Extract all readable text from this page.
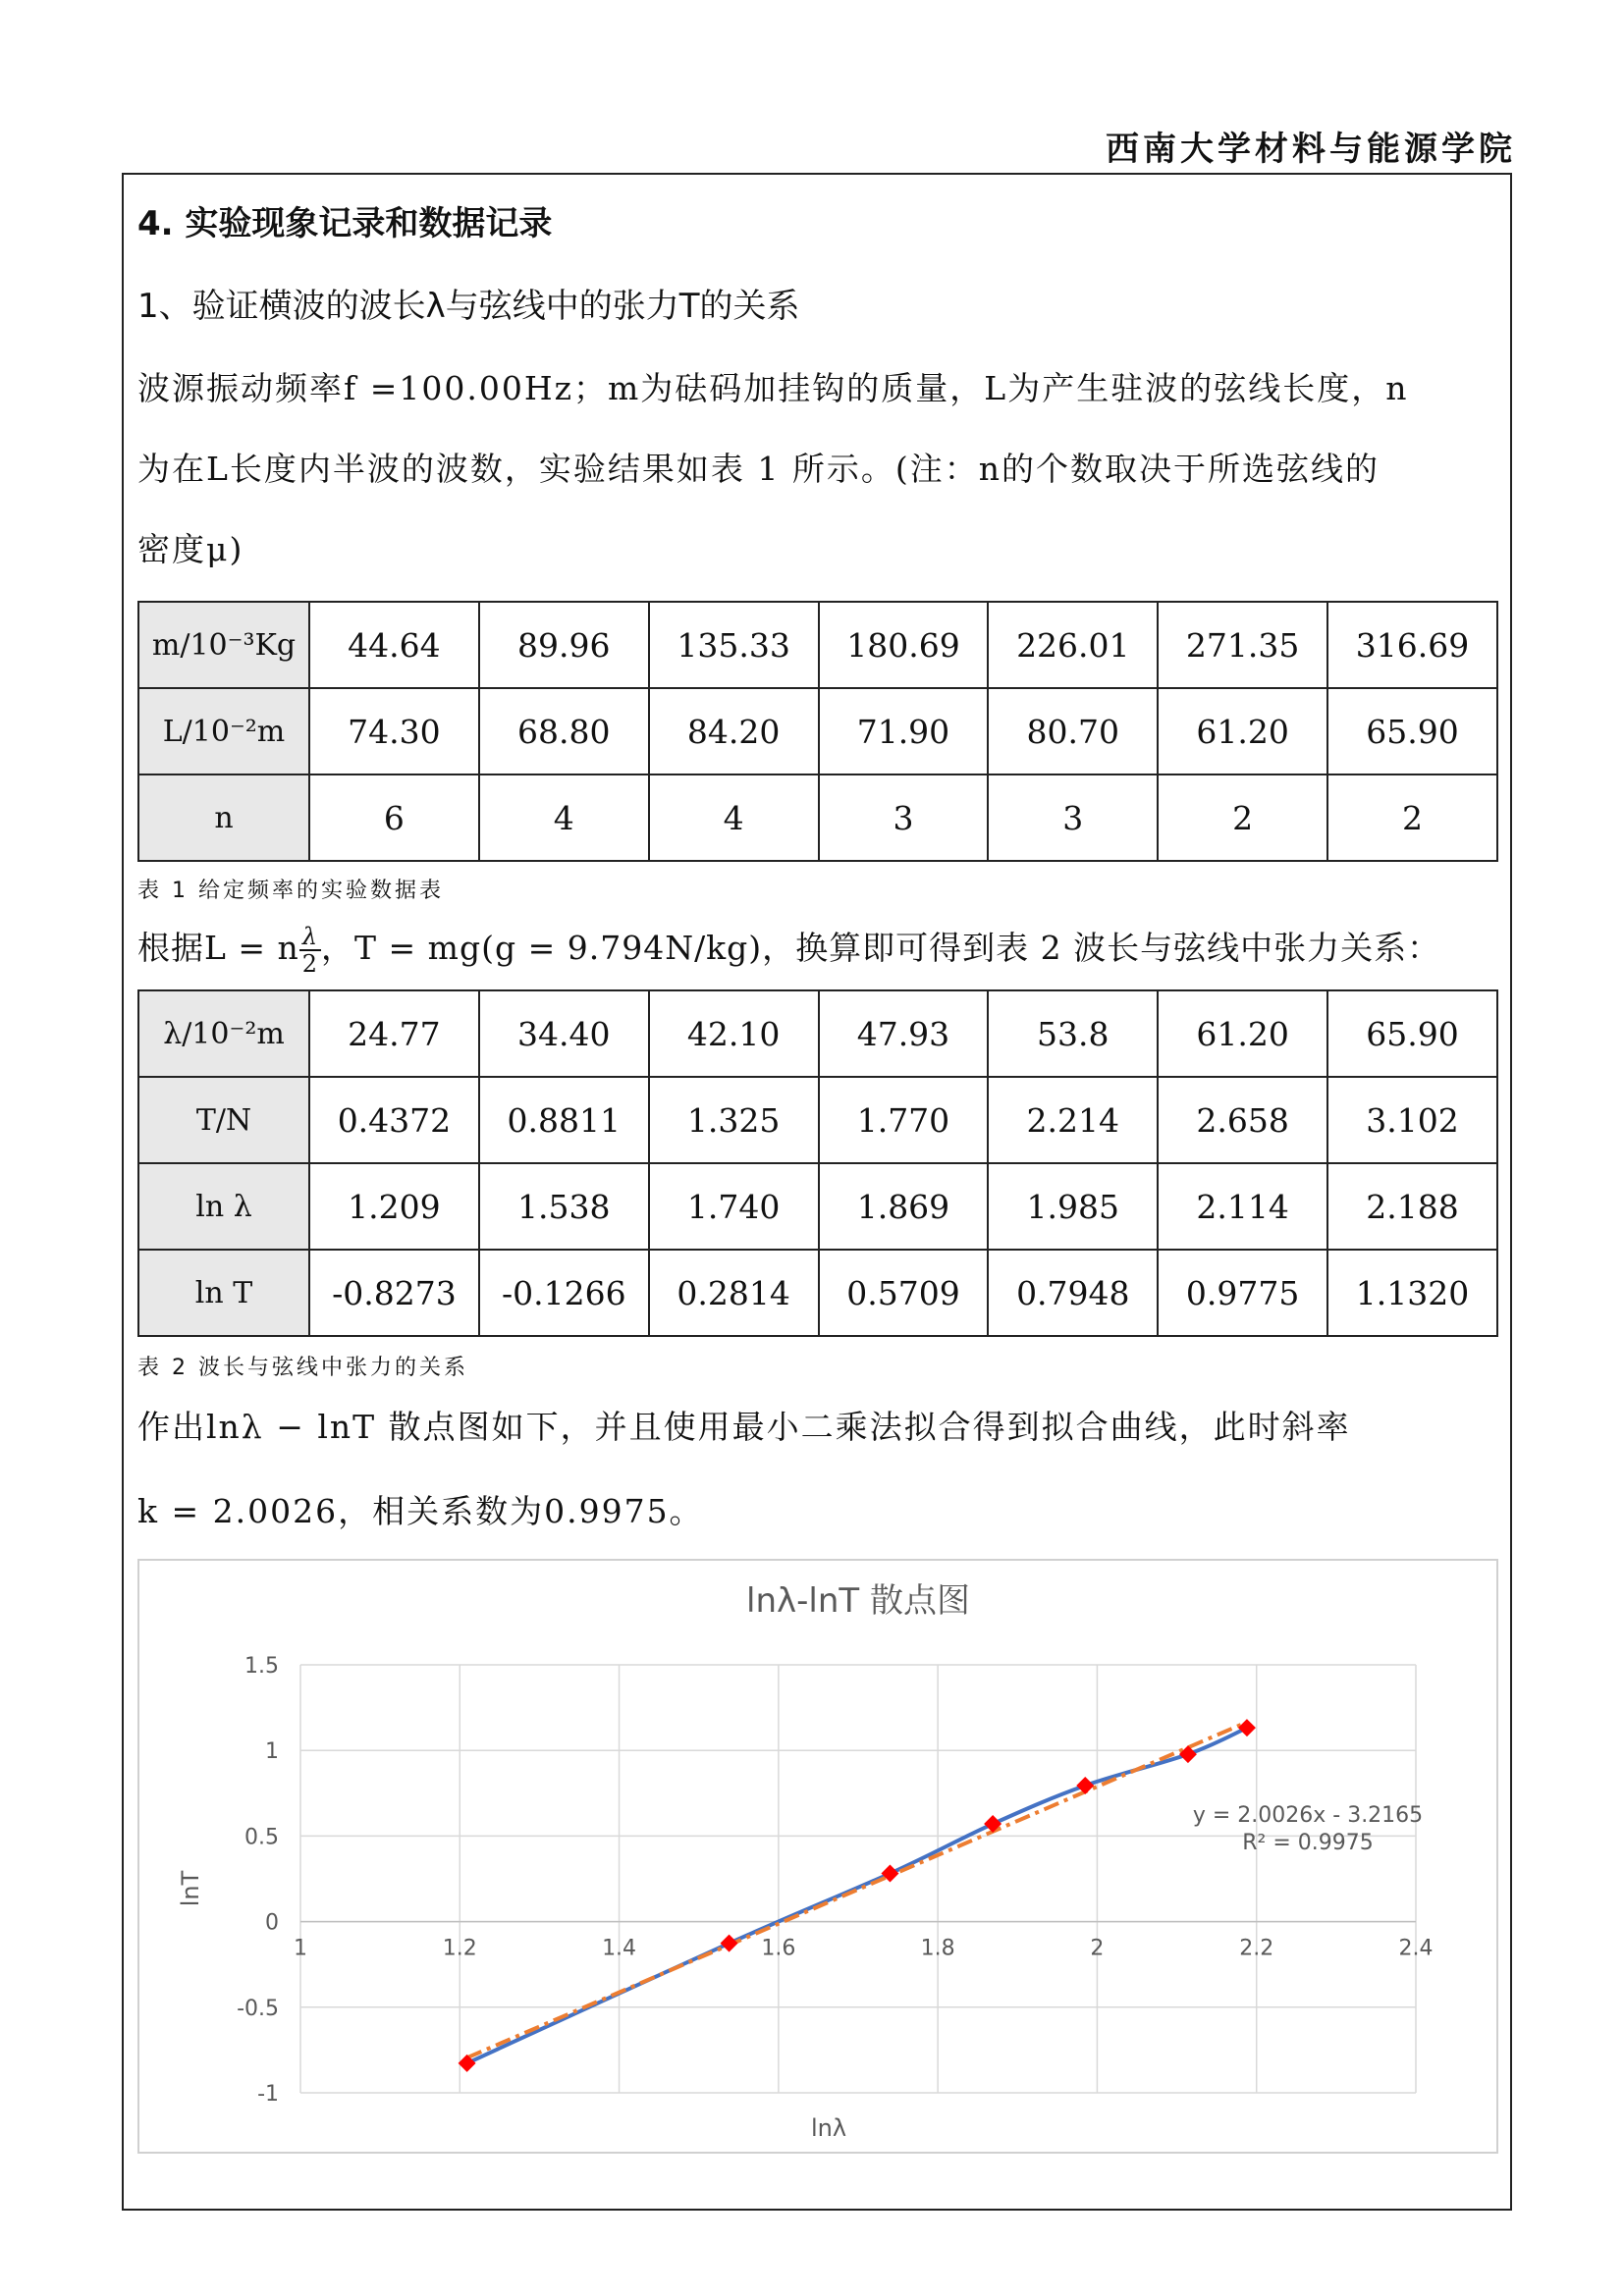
西南大学材料与能源学院
4. 实验现象记录和数据记录
1、验证横波的波长λ与弦线中的张力T的关系
波源振动频率f =100.00Hz；m为砝码加挂钩的质量，L为产生驻波的弦线长度，n
为在L长度内半波的波数，实验结果如表 1 所示。(注：n的个数取决于所选弦线的
密度μ)
m/10⁻³Kg	44.64	89.96	135.33	180.69	226.01	271.35	316.69
L/10⁻²m	74.30	68.80	84.20	71.90	80.70	61.20	65.90
n	6	4	4	3	3	2	2
表 1 给定频率的实验数据表
根据L = n $\frac{\lambda}{2}$ ，T = mg(g = 9.794N/kg)，换算即可得到表 2 波长与弦线中张力关系：
λ/10⁻²m	24.77	34.40	42.10	47.93	53.8	61.20	65.90
T/N	0.4372	0.8811	1.325	1.770	2.214	2.658	3.102
ln λ	1.209	1.538	1.740	1.869	1.985	2.114	2.188
ln T	-0.8273	-0.1266	0.2814	0.5709	0.7948	0.9775	1.1320
表 2 波长与弦线中张力的关系
作出lnλ − lnT 散点图如下，并且使用最小二乘法拟合得到拟合曲线，此时斜率
k = 2.0026，相关系数为0.9975。
lnλ-lnT 散点图
-1
-0.5
0
0.5
1
1.5
1	1.2	1.4	1.6	1.8	2	2.2	2.4
lnλ
lnT
y = 2.0026x - 3.2165
R² = 0.9975
